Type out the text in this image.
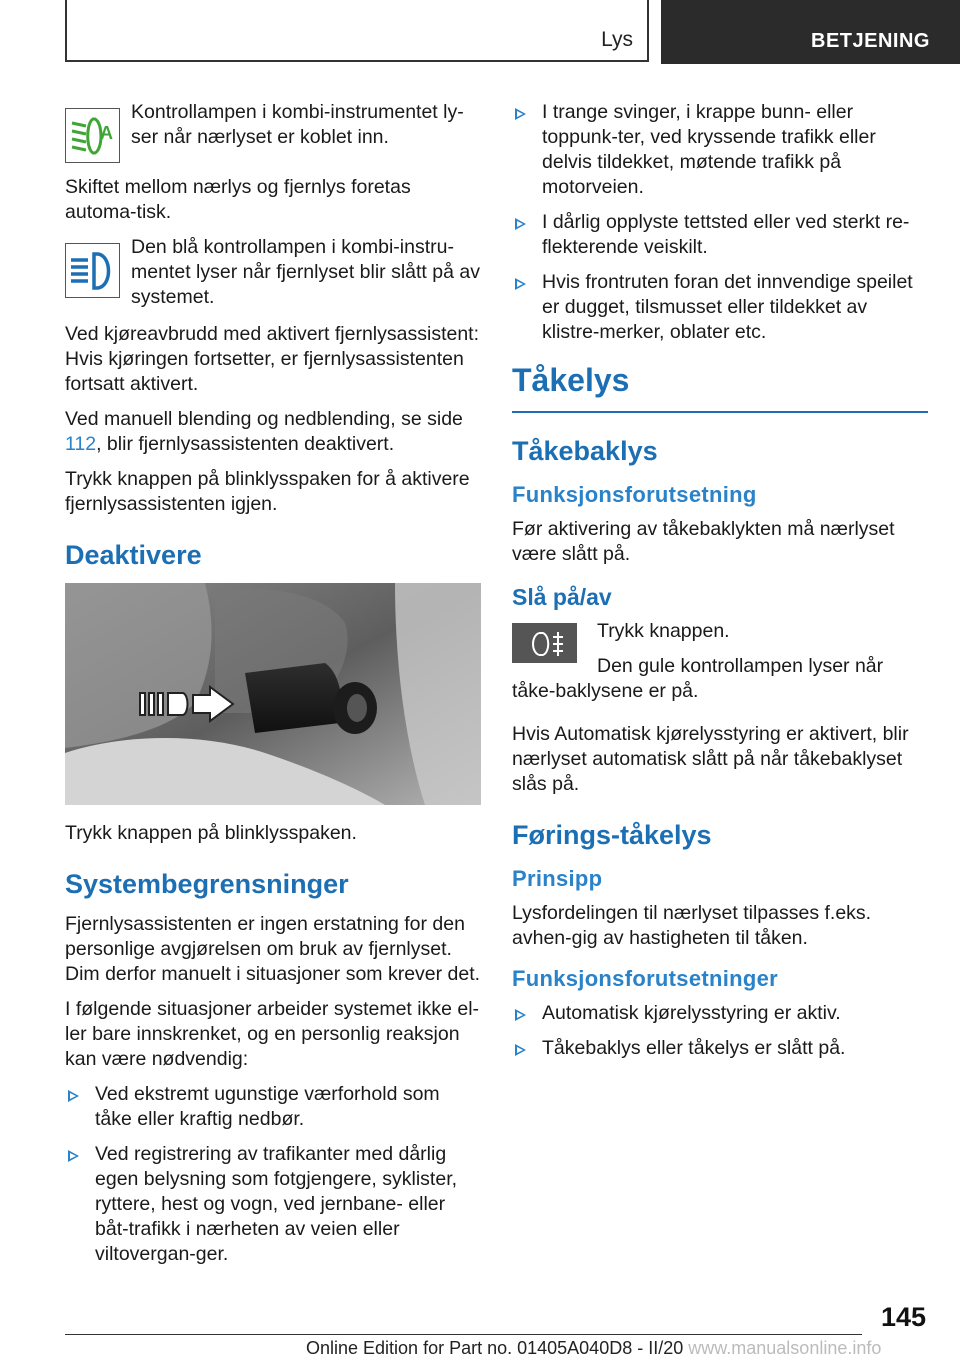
Lys	BETJENING
A
Kontrollampen i kombi-instrumentet ly-ser når nærlyset er koblet inn.

Skiftet mellom nærlys og fjernlys foretas automa-tisk.

Den blå kontrollampen i kombi-instru-mentet lyser når fjernlyset blir slått på av systemet.

Ved kjøreavbrudd med aktivert fjernlysassistent: Hvis kjøringen fortsetter, er fjernlysassistenten fortsatt aktivert.

Ved manuell blending og nedblending, se side 112, blir fjernlysassistenten deaktivert.

Trykk knappen på blinklysspaken for å aktivere fjernlysassistenten igjen.

Deaktivere

Trykk knappen på blinklysspaken.

Systembegrensninger

Fjernlysassistenten er ingen erstatning for den personlige avgjørelsen om bruk av fjernlyset. Dim derfor manuelt i situasjoner som krever det.

I følgende situasjoner arbeider systemet ikke el-ler bare innskrenket, og en personlig reaksjon kan være nødvendig:

Ved ekstremt ugunstige værforhold som tåke eller kraftig nedbør.
Ved registrering av trafikanter med dårlig egen belysning som fotgjengere, syklister, ryttere, hest og vogn, ved jernbane- eller båt-trafikk i nærheten av veien eller viltovergan-ger.
I trange svinger, i krappe bunn- eller toppunk-ter, ved kryssende trafikk eller delvis tildekket, møtende trafikk på motorveien.
I dårlig opplyste tettsted eller ved sterkt re-flekterende veiskilt.
Hvis frontruten foran det innvendige speilet er dugget, tilsmusset eller tildekket av klistre-merker, oblater etc.
Tåkelys
Tåkebaklys
Funksjonsforutsetning

Før aktivering av tåkebaklykten må nærlyset være slått på.

Slå på/av

Trykk knappen.

Den gule kontrollampen lyser når tåke-baklysene er på.

Hvis Automatisk kjørelysstyring er aktivert, blir nærlyset automatisk slått på når tåkebaklyset slås på.

Førings-tåkelys
Prinsipp

Lysfordelingen til nærlyset tilpasses f.eks. avhen-gig av hastigheten til tåken.

Funksjonsforutsetninger
Automatisk kjørelysstyring er aktiv.
Tåkebaklys eller tåkelys er slått på.
145
Online Edition for Part no. 01405A040D8 - II/20 www.manualsonline.info
